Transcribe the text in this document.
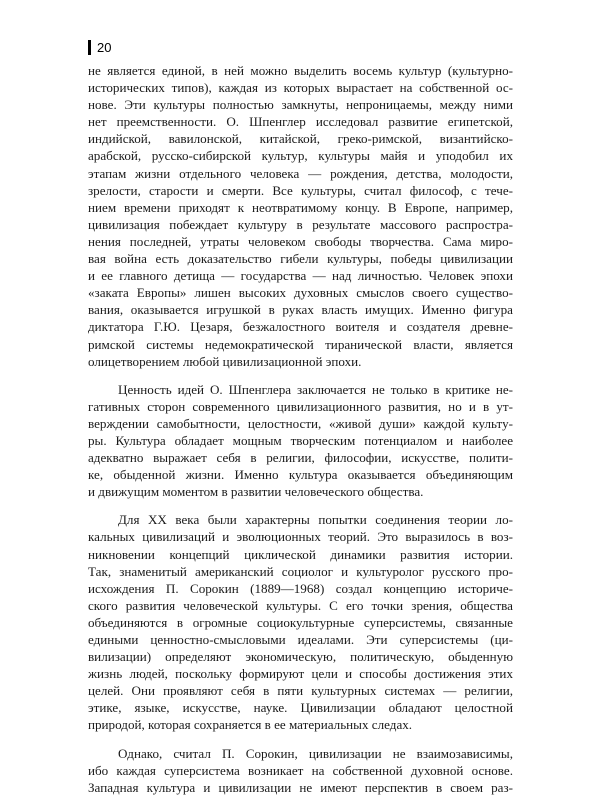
20
не является единой, в ней можно выделить восемь культур (культурно-
исторических типов), каждая из которых вырастает на собственной ос-
нове. Эти культуры полностью замкнуты, непроницаемы, между ними
нет преемственности. О. Шпенглер исследовал развитие египетской,
индийской, вавилонской, китайской, греко-римской, византийско-
арабской, русско-сибирской культур, культуры майя и уподобил их
этапам жизни отдельного человека — рождения, детства, молодости,
зрелости, старости и смерти. Все культуры, считал философ, с тече-
нием времени приходят к неотвратимому концу. В Европе, например,
цивилизация побеждает культуру в результате массового распростра-
нения последней, утраты человеком свободы творчества. Сама миро-
вая война есть доказательство гибели культуры, победы цивилизации
и ее главного детища — государства — над личностью. Человек эпохи
«заката Европы» лишен высоких духовных смыслов своего существо-
вания, оказывается игрушкой в руках власть имущих. Именно фигура
диктатора Г.Ю. Цезаря, безжалостного воителя и создателя древне-
римской системы недемократической тиранической власти, является
олицетворением любой цивилизационной эпохи.
Ценность идей О. Шпенглера заключается не только в критике не-
гативных сторон современного цивилизационного развития, но и в ут-
верждении самобытности, целостности, «живой души» каждой культу-
ры. Культура обладает мощным творческим потенциалом и наиболее
адекватно выражает себя в религии, философии, искусстве, полити-
ке, обыденной жизни. Именно культура оказывается объединяющим
и движущим моментом в развитии человеческого общества.
Для XX века были характерны попытки соединения теории ло-
кальных цивилизаций и эволюционных теорий. Это выразилось в воз-
никновении концепций циклической динамики развития истории.
Так, знаменитый американский социолог и культуролог русского про-
исхождения П. Сорокин (1889—1968) создал концепцию историче-
ского развития человеческой культуры. С его точки зрения, общества
объединяются в огромные социокультурные суперсистемы, связанные
едиными ценностно-смысловыми идеалами. Эти суперсистемы (ци-
вилизации) определяют экономическую, политическую, обыденную
жизнь людей, поскольку формируют цели и способы достижения этих
целей. Они проявляют себя в пяти культурных системах — религии,
этике, языке, искусстве, науке. Цивилизации обладают целостной
природой, которая сохраняется в ее материальных следах.
Однако, считал П. Сорокин, цивилизации не взаимозависимы,
ибо каждая суперсистема возникает на собственной духовной основе.
Западная культура и цивилизации не имеют перспектив в своем раз-
